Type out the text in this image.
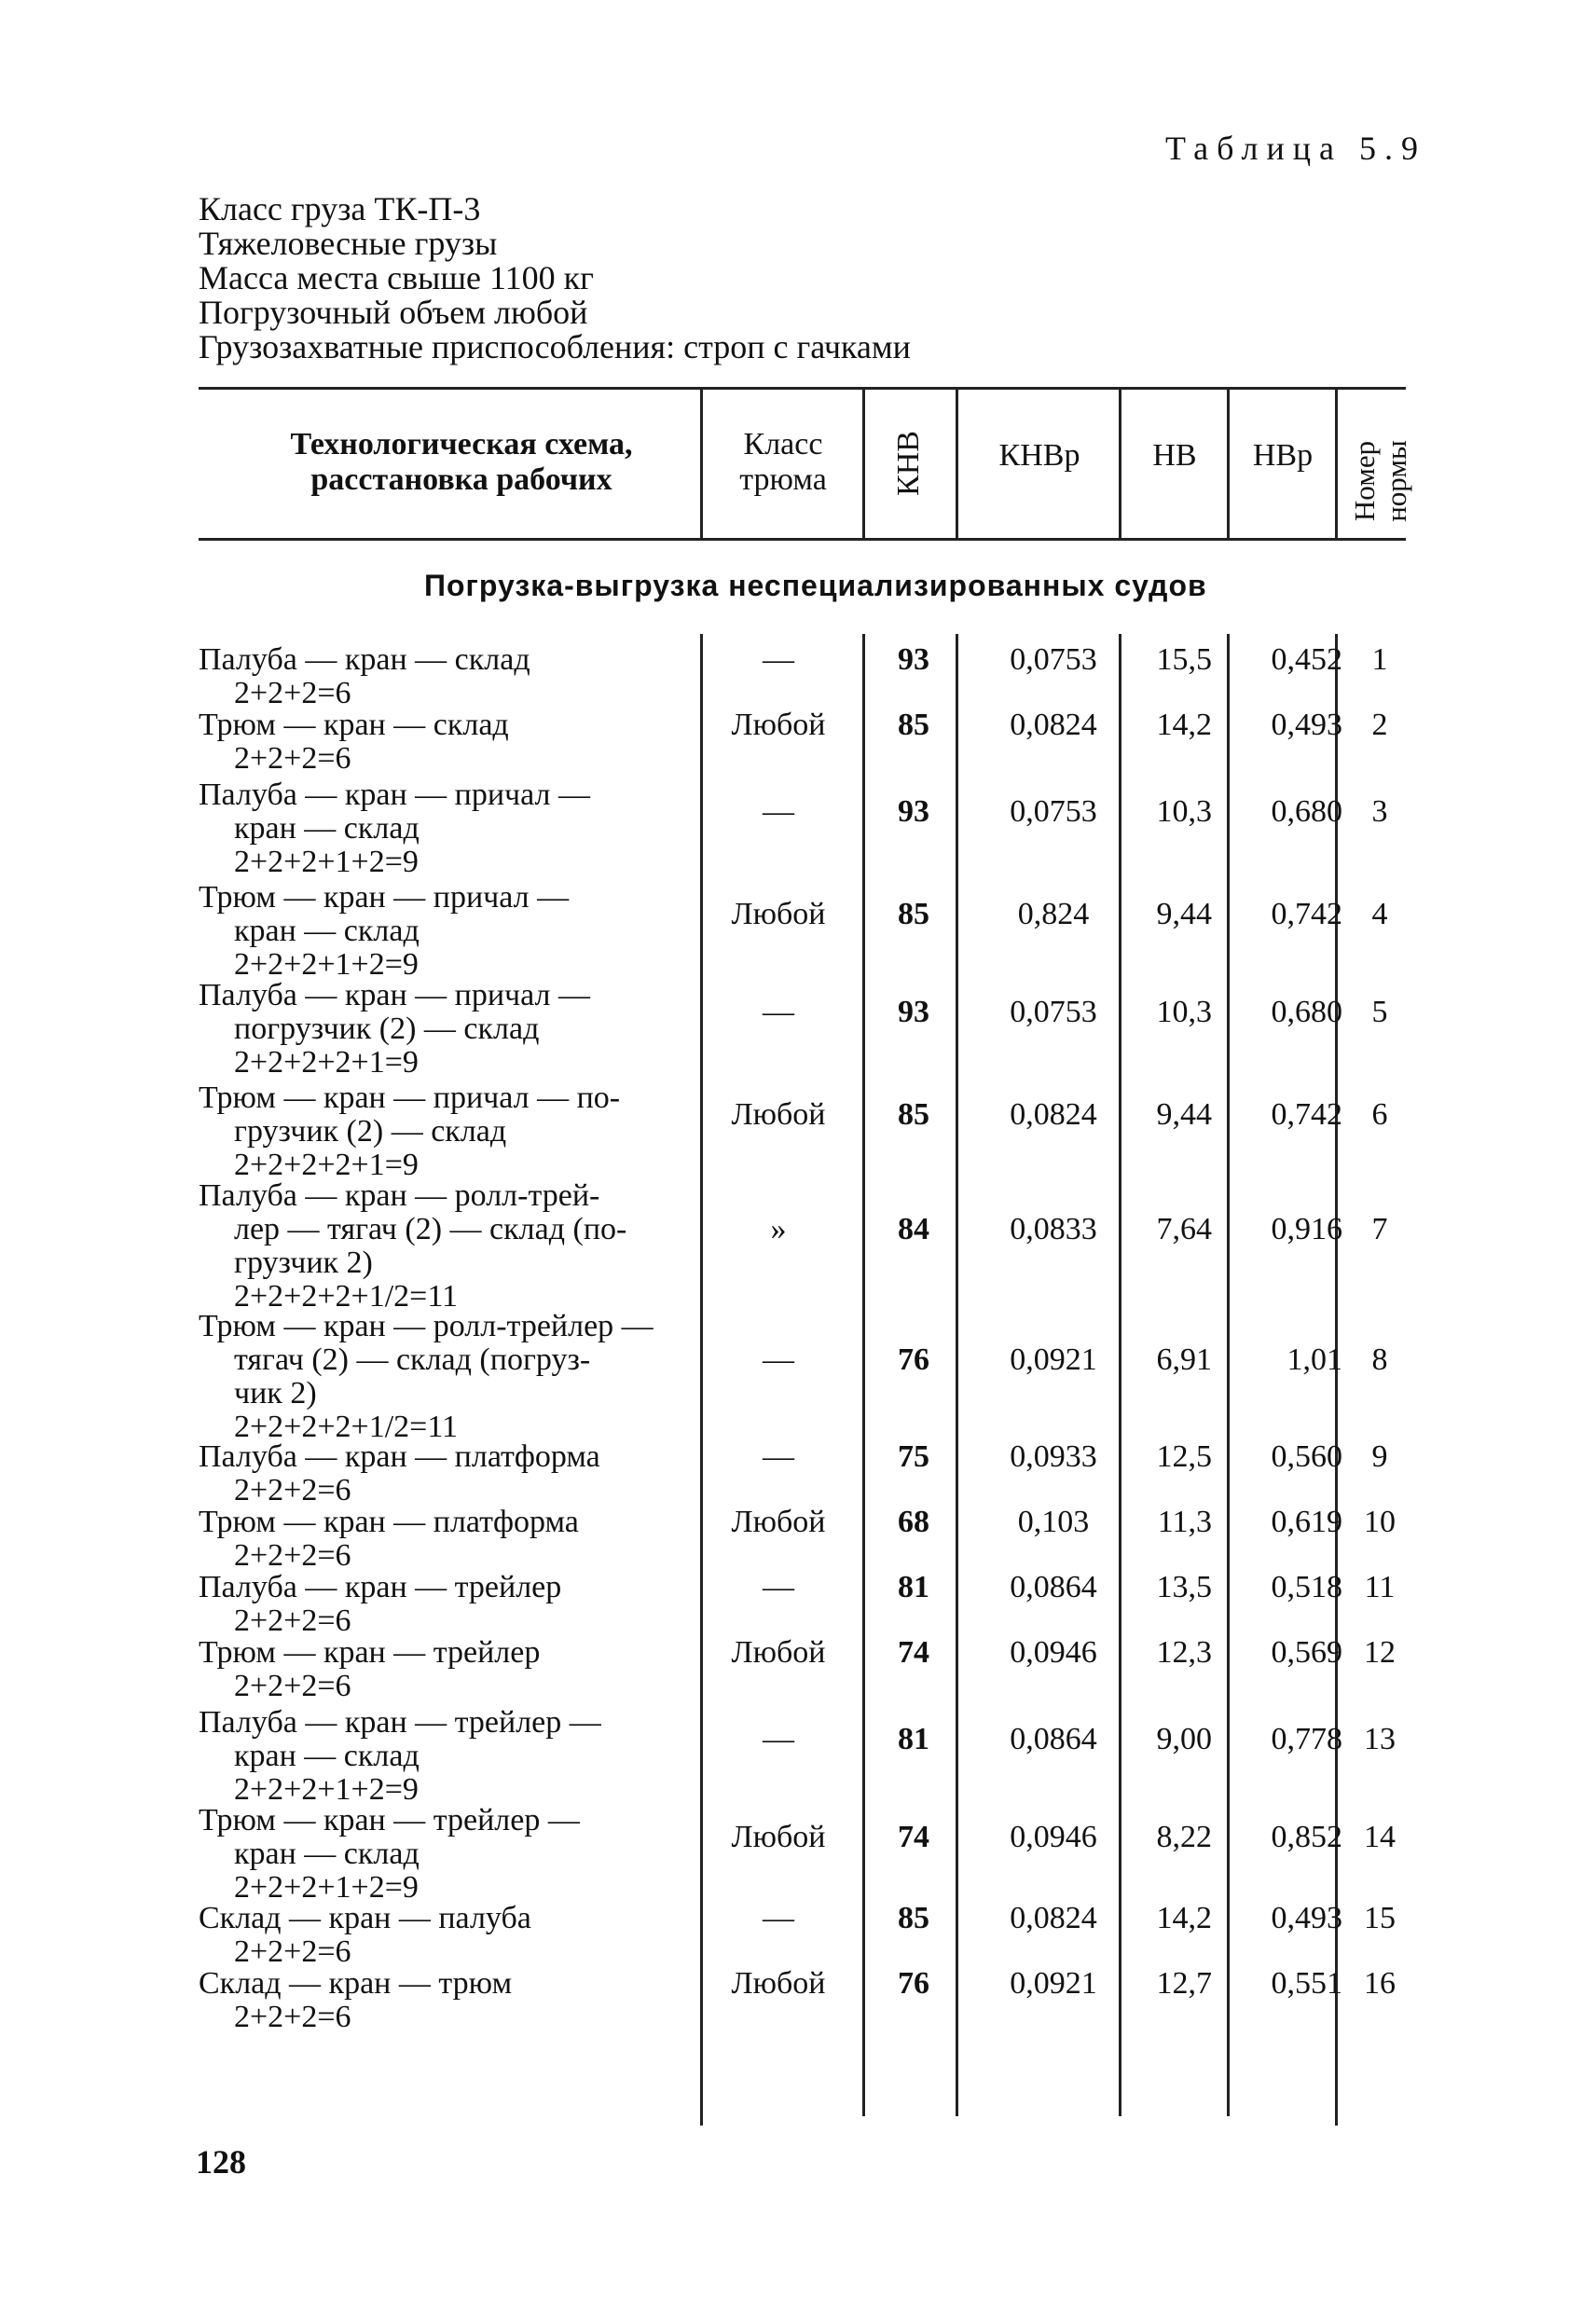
Таблица 5.9
Класс груза ТК-П-3
Тяжеловесные грузы
Масса места свыше 1100 кг
Погрузочный объем любой
Грузозахватные приспособления: строп с гачками
Технологическая схема, расстановка рабочих
Класс трюма	КНВ	КНВр	НВ	НВр	Номер нормы
Погрузка-выгрузка неспециализированных судов
Палуба — кран — склад
2+2+2=6
—	93	0,0753	15,5	0,452 1
Трюм — кран — склад
2+2+2=6
Любой	85	0,0824	14,2	0,493 2
Палуба — кран — причал —
кран — склад
2+2+2+1+2=9
—	93	0,0753	10,3	0,680 3
Трюм — кран — причал —
кран — склад
2+2+2+1+2=9
Любой	85	0,824	9,44	0,742 4
Палуба — кран — причал —
погрузчик (2) — склад
2+2+2+2+1=9
—	93	0,0753	10,3	0,680 5
Трюм — кран — причал — по-
грузчик (2) — склад
2+2+2+2+1=9
Любой	85	0,0824	9,44	0,742 6
Палуба — кран — ролл-трей-
лер — тягач (2) — склад (по-
грузчик 2)
2+2+2+2+1/2=11
»	84	0,0833	7,64	0,916 7
Трюм — кран — ролл-трейлер —
тягач (2) — склад (погруз-
чик 2)
2+2+2+2+1/2=11
—	76	0,0921	6,91	1,01 8
Палуба — кран — платформа
2+2+2=6
—	75	0,0933	12,5	0,560 9
Трюм — кран — платформа
2+2+2=6
Любой	68	0,103	11,3	0,619 10
Палуба — кран — трейлер
2+2+2=6
—	81	0,0864	13,5	0,518 11
Трюм — кран — трейлер
2+2+2=6
Любой	74	0,0946	12,3	0,569 12
Палуба — кран — трейлер —
кран — склад
2+2+2+1+2=9
—	81	0,0864	9,00	0,778 13
Трюм — кран — трейлер —
кран — склад
2+2+2+1+2=9
Любой	74	0,0946	8,22	0,852 14
Склад — кран — палуба
2+2+2=6
—	85	0,0824	14,2	0,493 15
Склад — кран — трюм
2+2+2=6
Любой	76	0,0921	12,7	0,551 16
128
